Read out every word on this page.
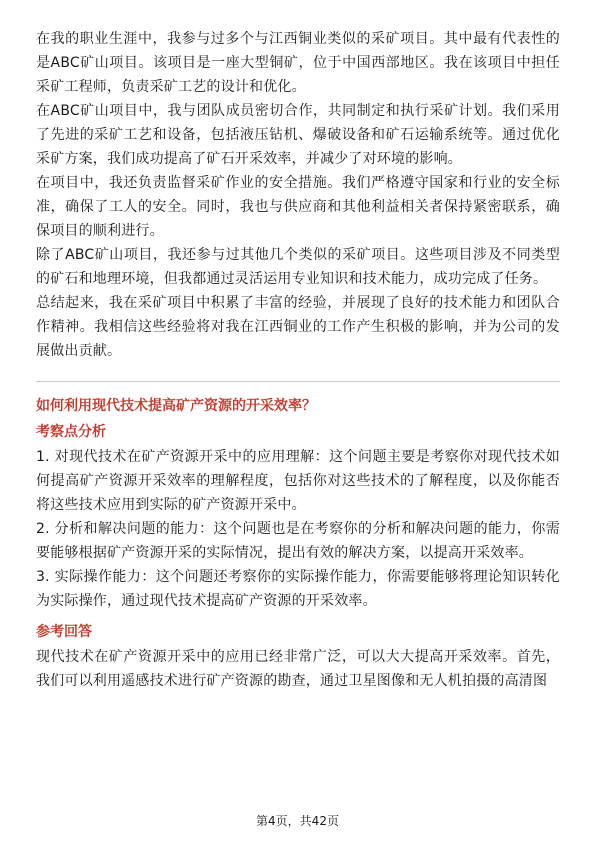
在我的职业生涯中，我参与过多个与江西铜业类似的采矿项目。其中最有代表性的是ABC矿山项目。该项目是一座大型铜矿，位于中国西部地区。我在该项目中担任采矿工程师，负责采矿工艺的设计和优化。

在ABC矿山项目中，我与团队成员密切合作，共同制定和执行采矿计划。我们采用了先进的采矿工艺和设备，包括液压钻机、爆破设备和矿石运输系统等。通过优化采矿方案，我们成功提高了矿石开采效率，并减少了对环境的影响。

在项目中，我还负责监督采矿作业的安全措施。我们严格遵守国家和行业的安全标准，确保了工人的安全。同时，我也与供应商和其他利益相关者保持紧密联系，确保项目的顺利进行。

除了ABC矿山项目，我还参与过其他几个类似的采矿项目。这些项目涉及不同类型的矿石和地理环境，但我都通过灵活运用专业知识和技术能力，成功完成了任务。

总结起来，我在采矿项目中积累了丰富的经验，并展现了良好的技术能力和团队合作精神。我相信这些经验将对我在江西铜业的工作产生积极的影响，并为公司的发展做出贡献。

如何利用现代技术提高矿产资源的开采效率？

考察点分析

1. 对现代技术在矿产资源开采中的应用理解：这个问题主要是考察你对现代技术如何提高矿产资源开采效率的理解程度，包括你对这些技术的了解程度，以及你能否将这些技术应用到实际的矿产资源开采中。

2. 分析和解决问题的能力：这个问题也是在考察你的分析和解决问题的能力，你需要能够根据矿产资源开采的实际情况，提出有效的解决方案，以提高开采效率。

3. 实际操作能力：这个问题还考察你的实际操作能力，你需要能够将理论知识转化为实际操作，通过现代技术提高矿产资源的开采效率。

参考回答

现代技术在矿产资源开采中的应用已经非常广泛，可以大大提高开采效率。首先，我们可以利用遥感技术进行矿产资源的勘查，通过卫星图像和无人机拍摄的高清图

第4页，共42页
